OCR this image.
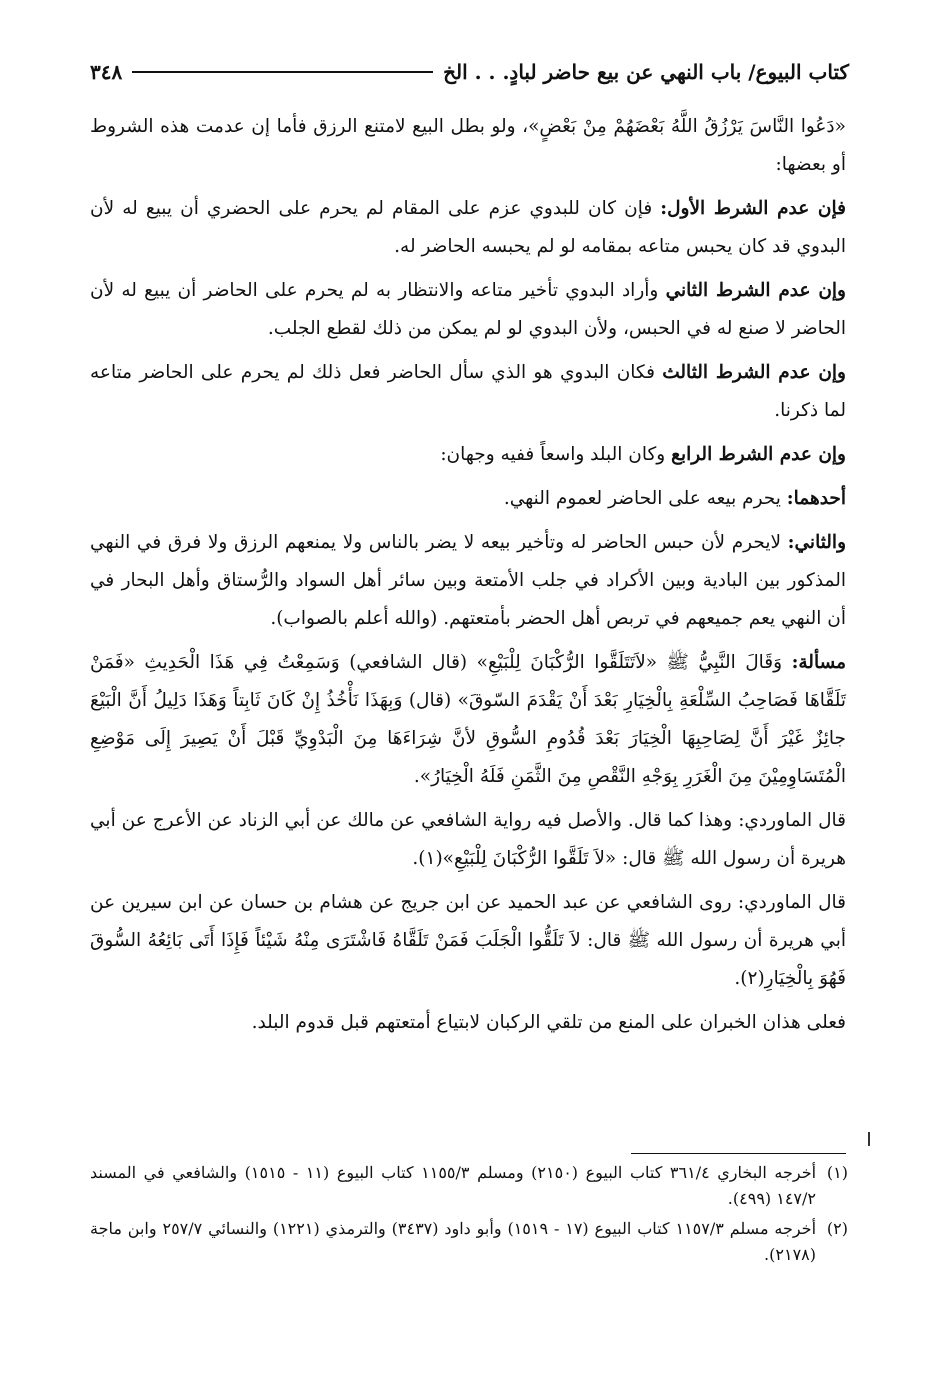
٣٤٨	كتاب البيوع/ باب النهي عن بيع حاضر لبادٍ. . . الخ

«دَعُوا النَّاسَ يَرْزُقُ اللَّهُ بَعْضَهُمْ مِنْ بَعْضٍ»، ولو بطل البيع لامتنع الرزق فأما إن عدمت هذه الشروط أو بعضها:

فإن عدم الشرط الأول: فإن كان للبدوي عزم على المقام لم يحرم على الحضري أن يبيع له لأن البدوي قد كان يحبس متاعه بمقامه لو لم يحبسه الحاضر له.

وإن عدم الشرط الثاني وأراد البدوي تأخير متاعه والانتظار به لم يحرم على الحاضر أن يبيع له لأن الحاضر لا صنع له في الحبس، ولأن البدوي لو لم يمكن من ذلك لقطع الجلب.

وإن عدم الشرط الثالث فكان البدوي هو الذي سأل الحاضر فعل ذلك لم يحرم على الحاضر متاعه لما ذكرنا.

وإن عدم الشرط الرابع وكان البلد واسعاً ففيه وجهان:

أحدهما: يحرم بيعه على الحاضر لعموم النهي.

والثاني: لايحرم لأن حبس الحاضر له وتأخير بيعه لا يضر بالناس ولا يمنعهم الرزق ولا فرق في النهي المذكور بين البادية وبين الأكراد في جلب الأمتعة وبين سائر أهل السواد والرُّستاق وأهل البحار في أن النهي يعم جميعهم في تربص أهل الحضر بأمتعتهم. (والله أعلم بالصواب).

مسألة: وَقَالَ النَّبِيُّ ﷺ «لاَتَتَلَقَّوا الرُّكْبَانَ لِلْبَيْعِ» (قال الشافعي) وَسَمِعْتُ فِي هَذَا الْحَدِيثِ «فَمَنْ تَلَقَّاهَا فَصَاحِبُ السِّلْعَةِ بِالْخِيَارِ بَعْدَ أَنْ يَقْدَمَ السّوقَ» (قال) وَبِهَذَا نَأْخُذُ إِنْ كَانَ ثَابِتاً وَهَذَا دَلِيلُ أَنَّ الْبَيْعَ جائِزٌ غَيْرَ أَنَّ لِصَاحِبِهَا الْخِيَارَ بَعْدَ قُدُومِ السُّوقِ لأنَّ شِرَاءَهَا مِنَ الْبَدْوِيِّ قَبْلَ أَنْ يَصِيرَ إِلَى مَوْضِعِ الْمُتَسَاوِمِيْنَ مِنَ الْغَرَرِ بِوَجْهِ النَّقْصِ مِنَ الثَّمَنِ فَلَهُ الْخِيَارُ».

قال الماوردي: وهذا كما قال. والأصل فيه رواية الشافعي عن مالك عن أبي الزناد عن الأعرج عن أبي هريرة أن رسول الله ﷺ قال: «لاَ تَلَقَّوا الرُّكْبَانَ لِلْبَيْعِ»(١).

قال الماوردي: روى الشافعي عن عبد الحميد عن ابن جريج عن هشام بن حسان عن ابن سيرين عن أبي هريرة أن رسول الله ﷺ قال: لاَ تَلَقُّوا الْجَلَبَ فَمَنْ تَلَقَّاهُ فَاشْتَرَى مِنْهُ شَيْئاً فَإِذَا أَتَى بَائِعُهُ السُّوقَ فَهُوَ بِالْخِيَارِ(٢).

فعلى هذان الخبران على المنع من تلقي الركبان لابتياع أمتعتهم قبل قدوم البلد.

(١)
أخرجه البخاري ٣٦١/٤ كتاب البيوع (٢١٥٠) ومسلم ١١٥٥/٣ كتاب البيوع (١١ - ١٥١٥) والشافعي في المسند ١٤٧/٢ (٤٩٩).
(٢)
أخرجه مسلم ١١٥٧/٣ كتاب البيوع (١٧ - ١٥١٩) وأبو داود (٣٤٣٧) والترمذي (١٢٢١) والنسائي ٢٥٧/٧ وابن ماجة (٢١٧٨).
